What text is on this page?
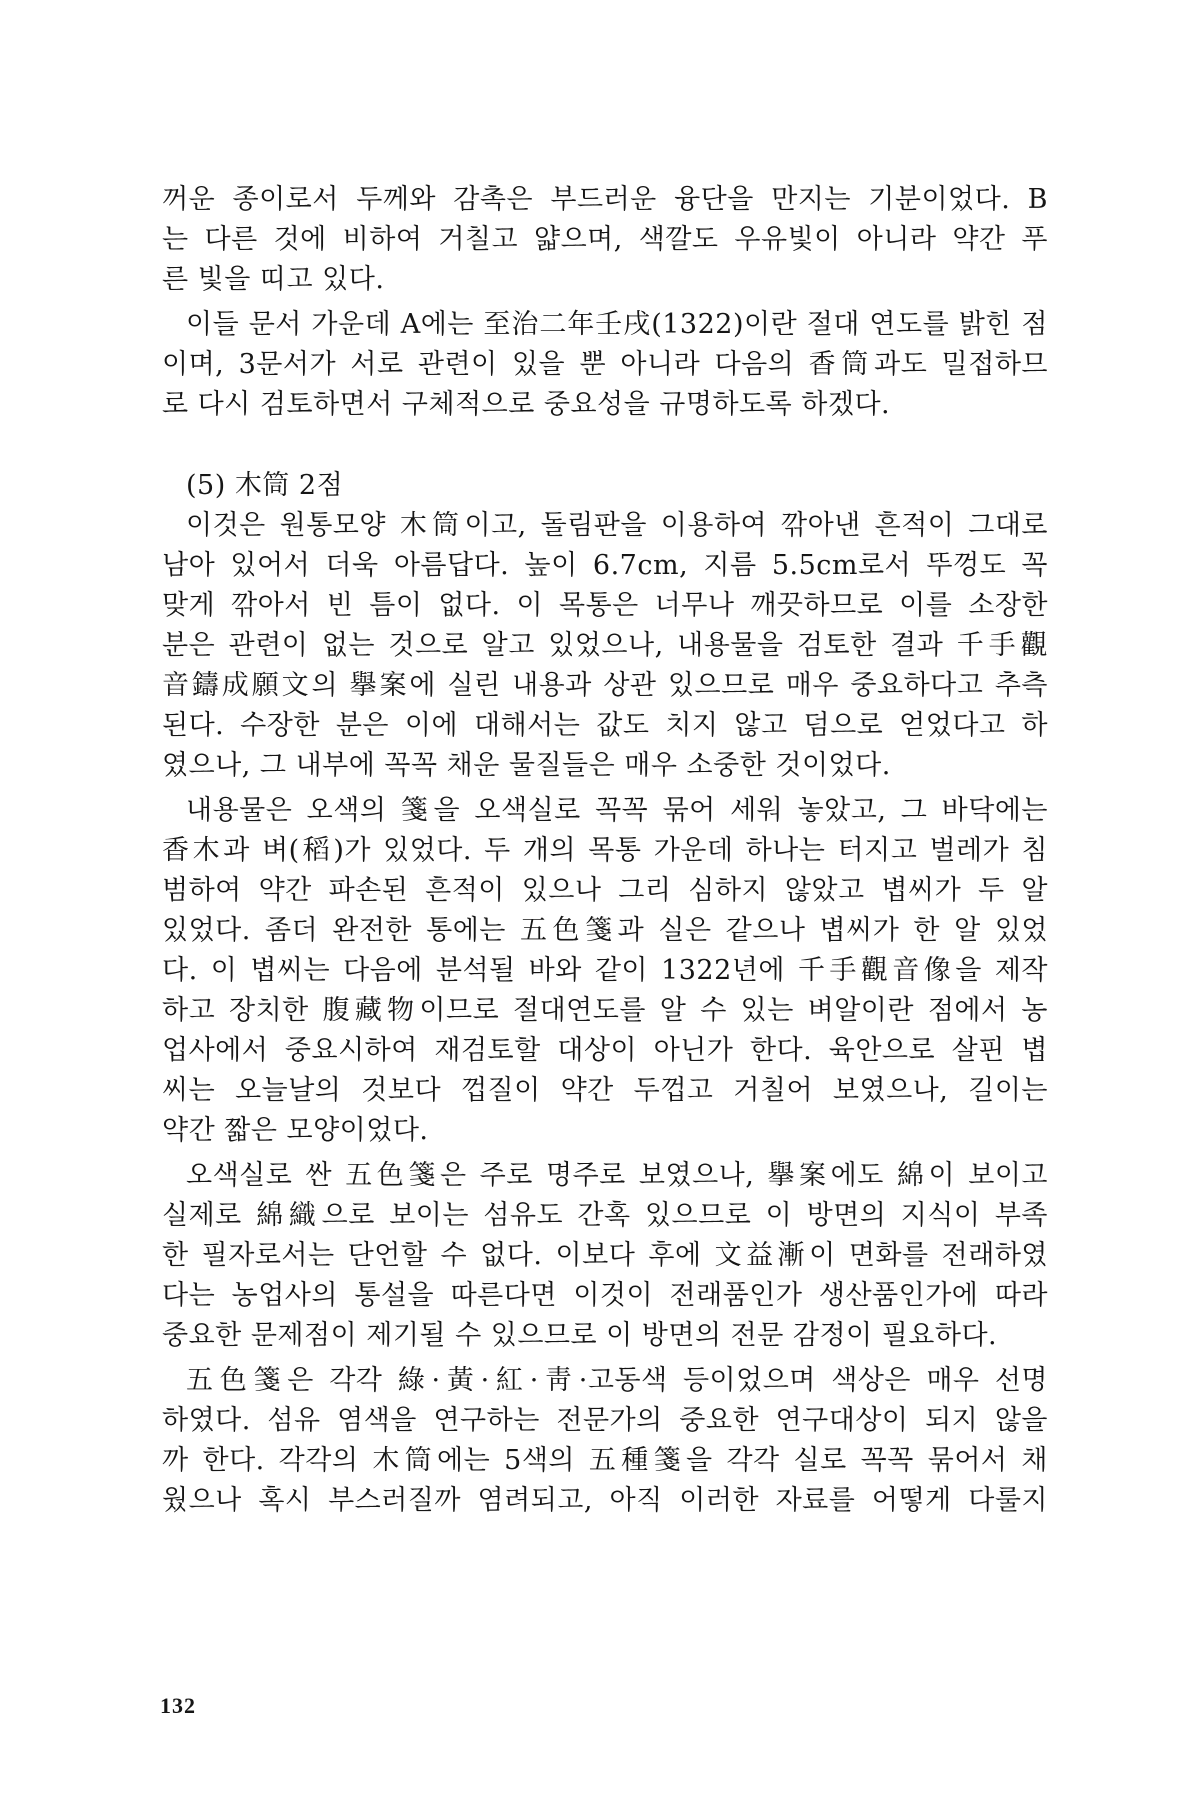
꺼운 종이로서 두께와 감촉은 부드러운 융단을 만지는 기분이었다. B
는 다른 것에 비하여 거칠고 얇으며, 색깔도 우유빛이 아니라 약간 푸
른 빛을 띠고 있다.
이들 문서 가운데 A에는 至治二年壬戌(1322)이란 절대 연도를 밝힌 점
이며, 3문서가 서로 관련이 있을 뿐 아니라 다음의 香筒과도 밀접하므
로 다시 검토하면서 구체적으로 중요성을 규명하도록 하겠다.
(5) 木筒 2점
이것은 원통모양 木筒이고, 돌림판을 이용하여 깎아낸 흔적이 그대로
남아 있어서 더욱 아름답다. 높이 6.7cm, 지름 5.5cm로서 뚜껑도 꼭
맞게 깎아서 빈 틈이 없다. 이 목통은 너무나 깨끗하므로 이를 소장한
분은 관련이 없는 것으로 알고 있었으나, 내용물을 검토한 결과 千手觀
音鑄成願文의 擧案에 실린 내용과 상관 있으므로 매우 중요하다고 추측
된다. 수장한 분은 이에 대해서는 값도 치지 않고 덤으로 얻었다고 하
였으나, 그 내부에 꼭꼭 채운 물질들은 매우 소중한 것이었다.
내용물은 오색의 箋을 오색실로 꼭꼭 묶어 세워 놓았고, 그 바닥에는
香木과 벼(稻)가 있었다. 두 개의 목통 가운데 하나는 터지고 벌레가 침
범하여 약간 파손된 흔적이 있으나 그리 심하지 않았고 볍씨가 두 알
있었다. 좀더 완전한 통에는 五色箋과 실은 같으나 볍씨가 한 알 있었
다. 이 볍씨는 다음에 분석될 바와 같이 1322년에 千手觀音像을 제작
하고 장치한 腹藏物이므로 절대연도를 알 수 있는 벼알이란 점에서 농
업사에서 중요시하여 재검토할 대상이 아닌가 한다. 육안으로 살핀 볍
씨는 오늘날의 것보다 껍질이 약간 두껍고 거칠어 보였으나, 길이는
약간 짧은 모양이었다.
오색실로 싼 五色箋은 주로 명주로 보였으나, 擧案에도 綿이 보이고
실제로 綿織으로 보이는 섬유도 간혹 있으므로 이 방면의 지식이 부족
한 필자로서는 단언할 수 없다. 이보다 후에 文益漸이 면화를 전래하였
다는 농업사의 통설을 따른다면 이것이 전래품인가 생산품인가에 따라
중요한 문제점이 제기될 수 있으므로 이 방면의 전문 감정이 필요하다.
五色箋은 각각 綠·黃·紅·靑·고동색 등이었으며 색상은 매우 선명
하였다. 섬유 염색을 연구하는 전문가의 중요한 연구대상이 되지 않을
까 한다. 각각의 木筒에는 5색의 五種箋을 각각 실로 꼭꼭 묶어서 채
웠으나 혹시 부스러질까 염려되고, 아직 이러한 자료를 어떻게 다룰지
132
